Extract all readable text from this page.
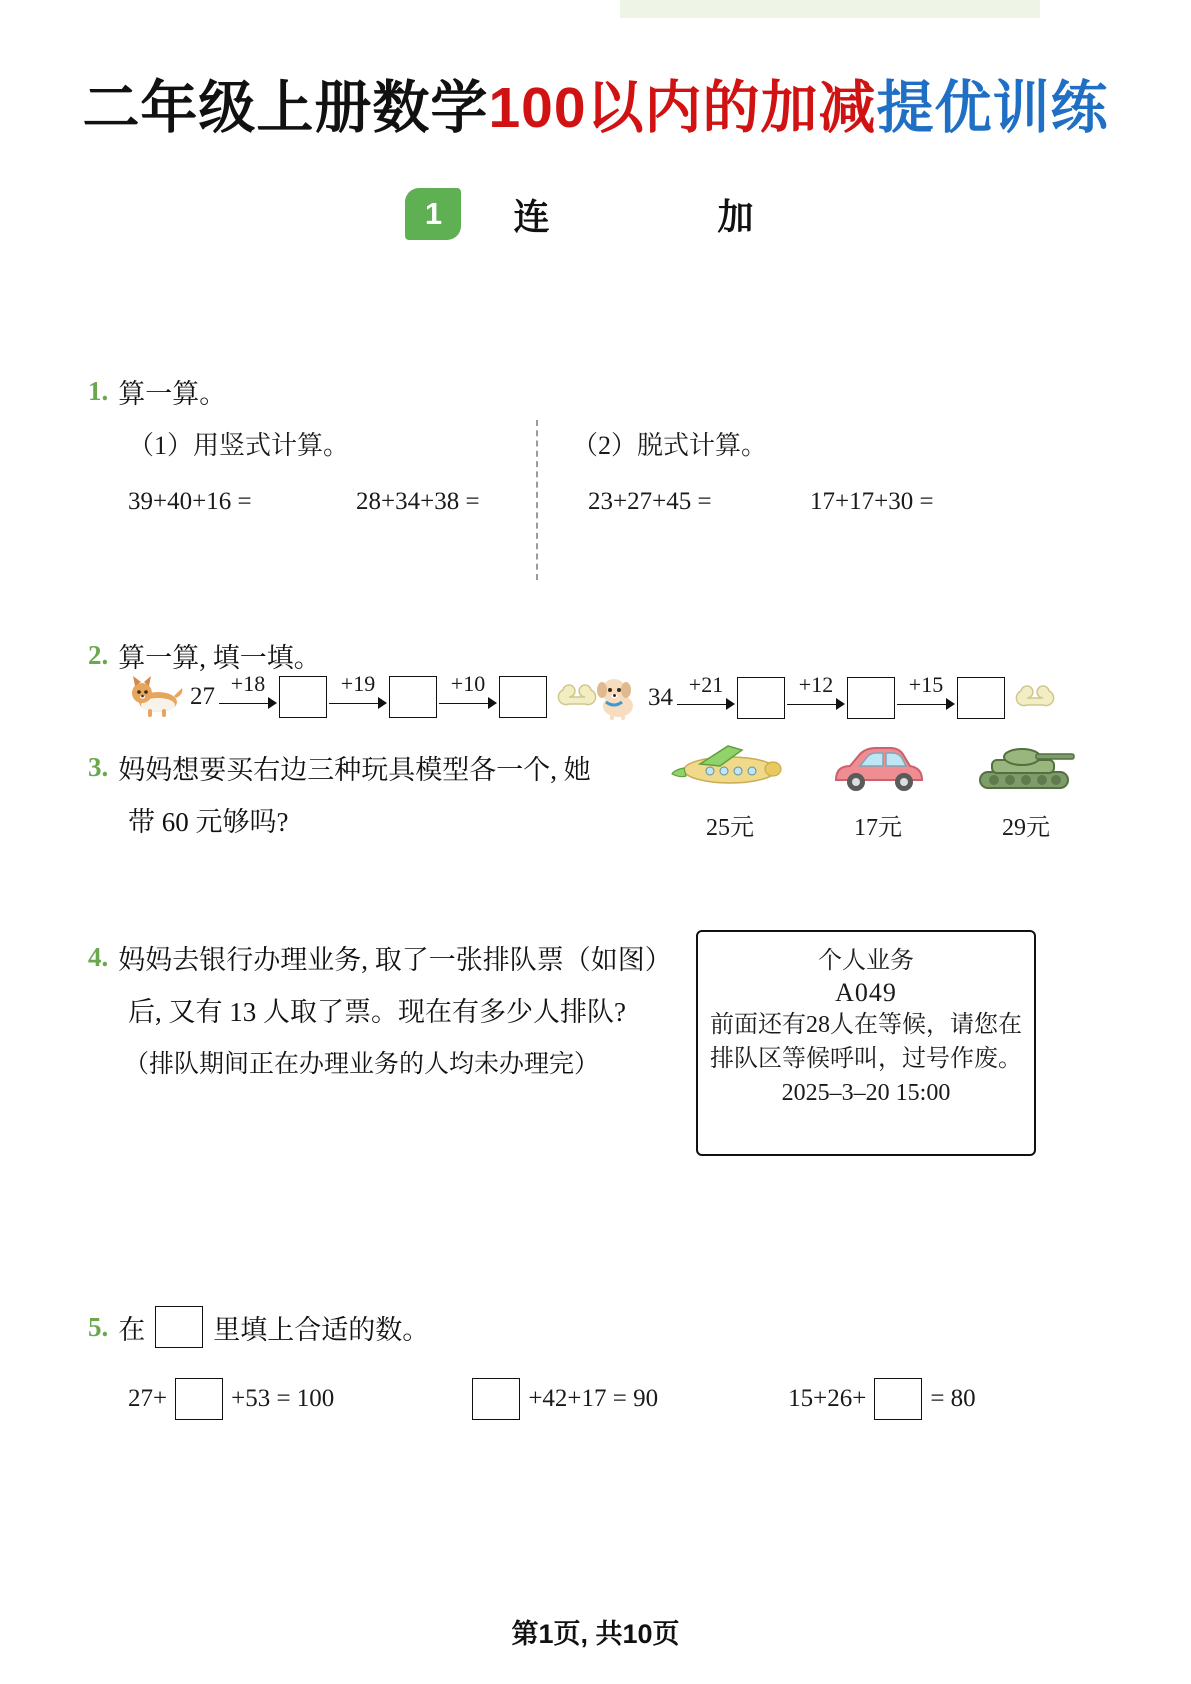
二年级上册数学100以内的加减提优训练
1	连　　加
1. 算一算。
（1）用竖式计算。	（2）脱式计算。
39+40+16 =	28+34+38 =	23+27+45 =	17+17+30 =
2. 算一算, 填一填。
27 +18	+19	+10
34 +21	+12	+15
3. 妈妈想要买右边三种玩具模型各一个, 她
带 60 元够吗?	25元	17元	29元
4. 妈妈去银行办理业务, 取了一张排队票（如图）
后, 又有 13 人取了票。现在有多少人排队?
（排队期间正在办理业务的人均未办理完）
个人业务
A049
前面还有28人在等候，请您在
排队区等候呼叫，过号作废。
2025–3–20 15:00
5. 在	里填上合适的数。
27+	+53 = 100	+42+17 = 90	15+26+	= 80
第1页, 共10页
